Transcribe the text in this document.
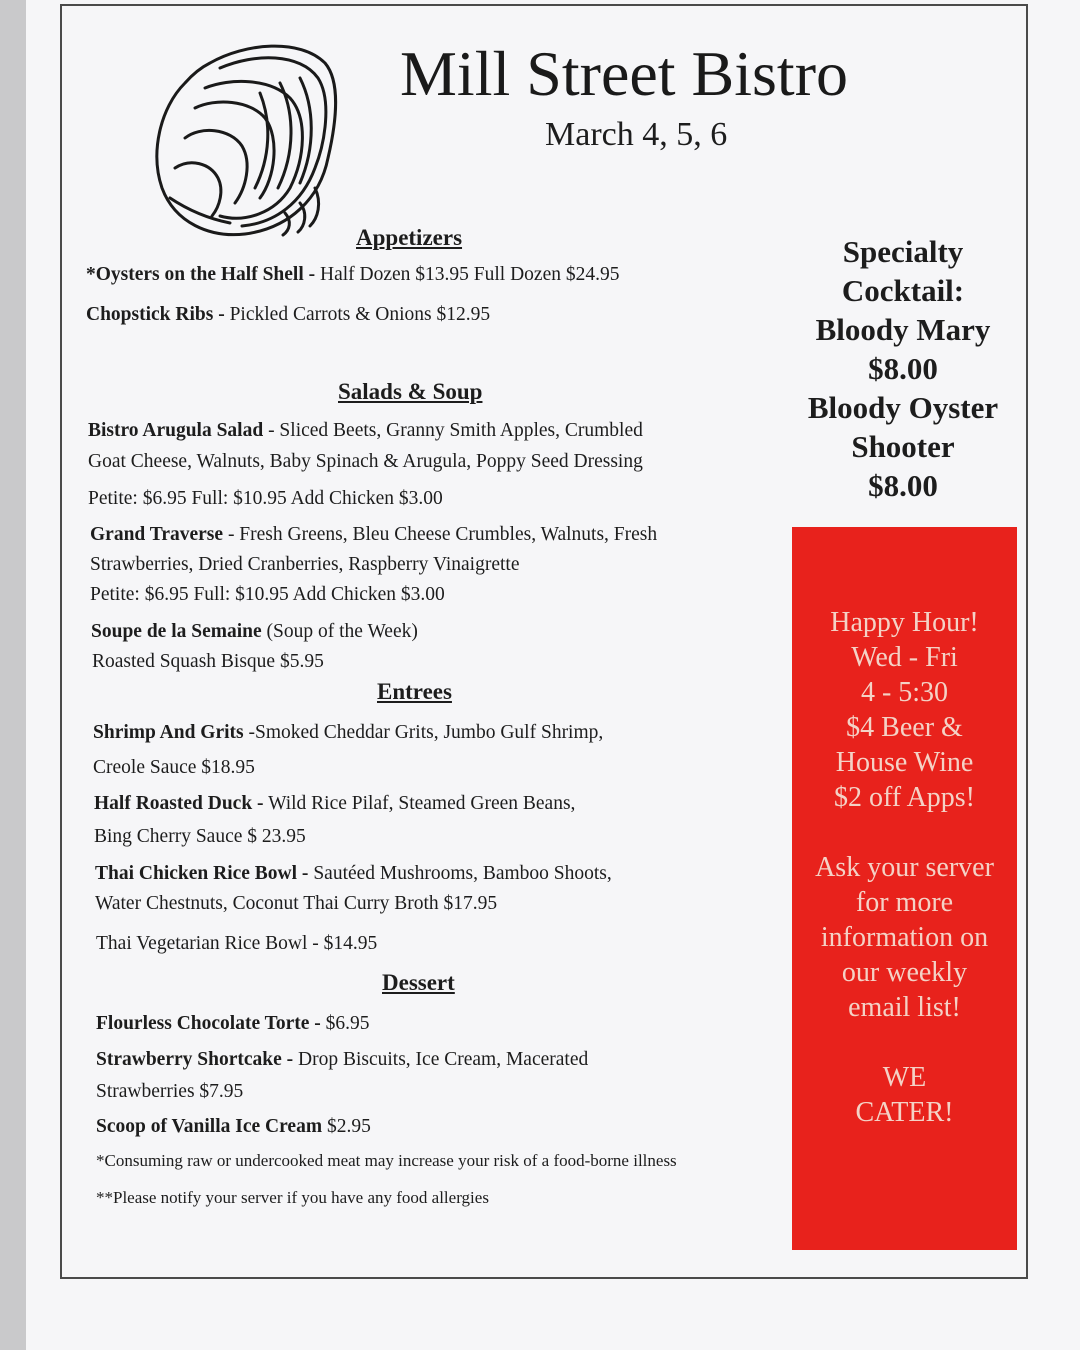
Mill Street Bistro
March 4, 5, 6
Appetizers
*Oysters on the Half Shell - Half Dozen $13.95 Full Dozen $24.95
Chopstick Ribs - Pickled Carrots & Onions $12.95
Salads & Soup
Bistro Arugula Salad - Sliced Beets, Granny Smith Apples, Crumbled
Goat Cheese, Walnuts, Baby Spinach & Arugula, Poppy Seed Dressing
Petite: $6.95 Full: $10.95 Add Chicken $3.00
Grand Traverse - Fresh Greens, Bleu Cheese Crumbles, Walnuts, Fresh
Strawberries, Dried Cranberries, Raspberry Vinaigrette
Petite: $6.95 Full: $10.95 Add Chicken $3.00
Soupe de la Semaine (Soup of the Week)
Roasted Squash Bisque $5.95
Entrees
Shrimp And Grits -Smoked Cheddar Grits, Jumbo Gulf Shrimp,
Creole Sauce $18.95
Half Roasted Duck - Wild Rice Pilaf, Steamed Green Beans,
Bing Cherry Sauce $ 23.95
Thai Chicken Rice Bowl - Sautéed Mushrooms, Bamboo Shoots,
Water Chestnuts, Coconut Thai Curry Broth $17.95
Thai Vegetarian Rice Bowl - $14.95
Dessert
Flourless Chocolate Torte - $6.95
Strawberry Shortcake - Drop Biscuits, Ice Cream, Macerated
Strawberries $7.95
Scoop of Vanilla Ice Cream $2.95
*Consuming raw or undercooked meat may increase your risk of a food-borne illness
**Please notify your server if you have any food allergies
Specialty
Cocktail:
Bloody Mary
$8.00
Bloody Oyster
Shooter
$8.00
Happy Hour!
Wed - Fri
4 - 5:30
$4 Beer &
House Wine
$2 off Apps!
Ask your server
for more
information on
our weekly
email list!
WE
CATER!
